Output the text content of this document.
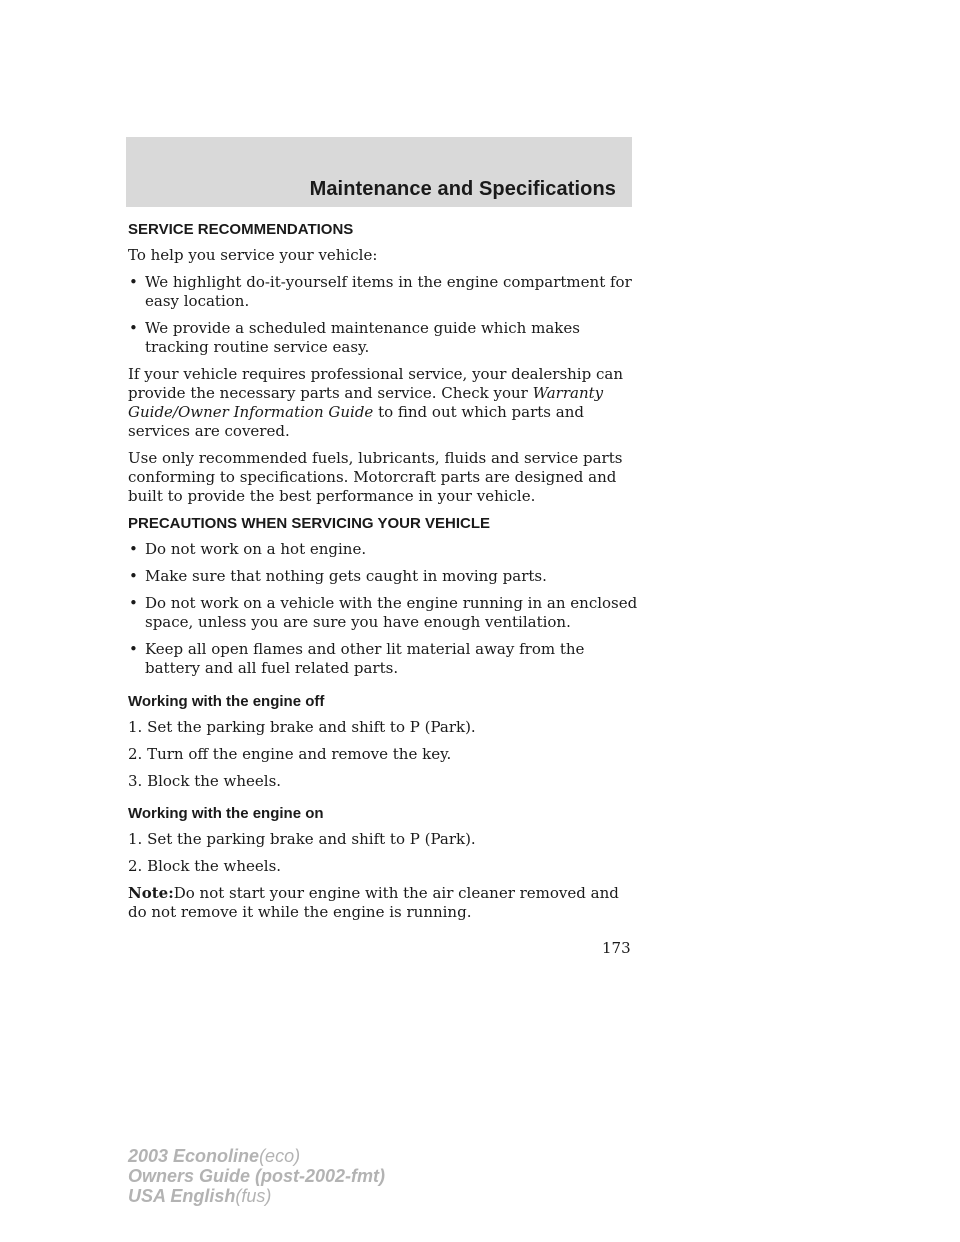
Maintenance and Specifications
SERVICE RECOMMENDATIONS

To help you service your vehicle:

• We highlight do-it-yourself items in the engine compartment for easy location.
• We provide a scheduled maintenance guide which makes tracking routine service easy.

If your vehicle requires professional service, your dealership can provide the necessary parts and service. Check your Warranty Guide/Owner Information Guide to find out which parts and services are covered.

Use only recommended fuels, lubricants, fluids and service parts conforming to specifications. Motorcraft parts are designed and built to provide the best performance in your vehicle.

PRECAUTIONS WHEN SERVICING YOUR VEHICLE
• Do not work on a hot engine.
• Make sure that nothing gets caught in moving parts.
• Do not work on a vehicle with the engine running in an enclosed space, unless you are sure you have enough ventilation.
• Keep all open flames and other lit material away from the battery and all fuel related parts.
Working with the engine off

1. Set the parking brake and shift to P (Park).

2. Turn off the engine and remove the key.

3. Block the wheels.

Working with the engine on

1. Set the parking brake and shift to P (Park).

2. Block the wheels.

Note:Do not start your engine with the air cleaner removed and do not remove it while the engine is running.

173
2003 Econoline(eco)
Owners Guide (post-2002-fmt)
USA English(fus)
